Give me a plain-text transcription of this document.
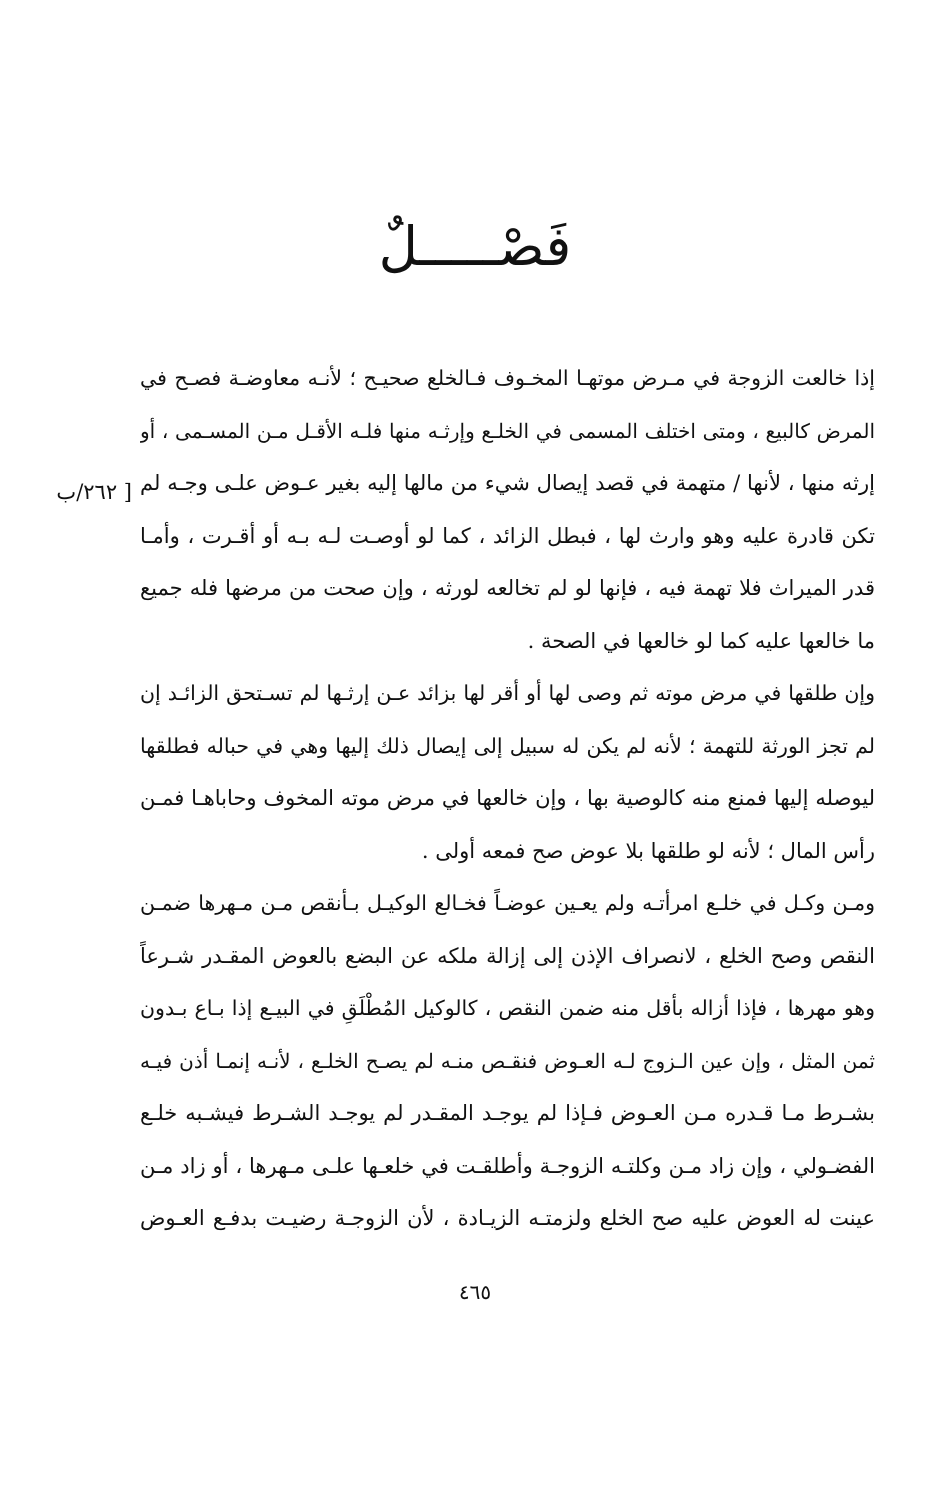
فَصْـــــلٌ
[ ٢٦٢/ب
إذا خالعت الزوجة في مـرض موتهـا المخـوف فـالخلع صحيـح ؛ لأنـه معاوضـة فصـح في
المرض كالبيع ، ومتى اختلف المسمى في الخلـع وإرثـه منها فلـه الأقـل مـن المسـمى ، أو
إرثه منها ، لأنها / متهمة في قصد إيصال شيء من مالها إليه بغير عـوض علـى وجـه لم
تكن قادرة عليه وهو وارث لها ، فبطل الزائد ، كما لو أوصـت لـه بـه أو أقـرت ، وأمـا
قدر الميراث فلا تهمة فيه ، فإنها لو لم تخالعه لورثه ، وإن صحت من مرضها فله جميع
ما خالعها عليه كما لو خالعها في الصحة .
وإن طلقها في مرض موته ثم وصى لها أو أقر لها بزائد عـن إرثـها لم تسـتحق الزائـد إن
لم تجز الورثة للتهمة ؛ لأنه لم يكن له سبيل إلى إيصال ذلك إليها وهي في حباله فطلقها
ليوصله إليها فمنع منه كالوصية بها ، وإن خالعها في مرض موته المخوف وحاباهـا فمـن
رأس المال ؛ لأنه لو طلقها بلا عوض صح فمعه أولى .
ومـن وكـل في خلـع امرأتـه ولم يعـين عوضـاً فخـالع الوكيـل بـأنقص مـن مـهرها ضمـن
النقص وصح الخلع ، لانصراف الإذن إلى إزالة ملكه عن البضع بالعوض المقـدر شـرعاً
وهو مهرها ، فإذا أزاله بأقل منه ضمن النقص ، كالوكيل المُطْلَقِ في البيـع إذا بـاع بـدون
ثمن المثل ، وإن عين الـزوج لـه العـوض فنقـص منـه لم يصـح الخلـع ، لأنـه إنمـا أذن فيـه
بشـرط مـا قـدره مـن العـوض فـإذا لم يوجـد المقـدر لم يوجـد الشـرط فيشـبه خلـع
الفضـولي ، وإن زاد مـن وكلتـه الزوجـة وأطلقـت في خلعـها علـى مـهرها ، أو زاد مـن
عينت له العوض عليه صح الخلع ولزمتـه الزيـادة ، لأن الزوجـة رضيـت بدفـع العـوض
٤٦٥
